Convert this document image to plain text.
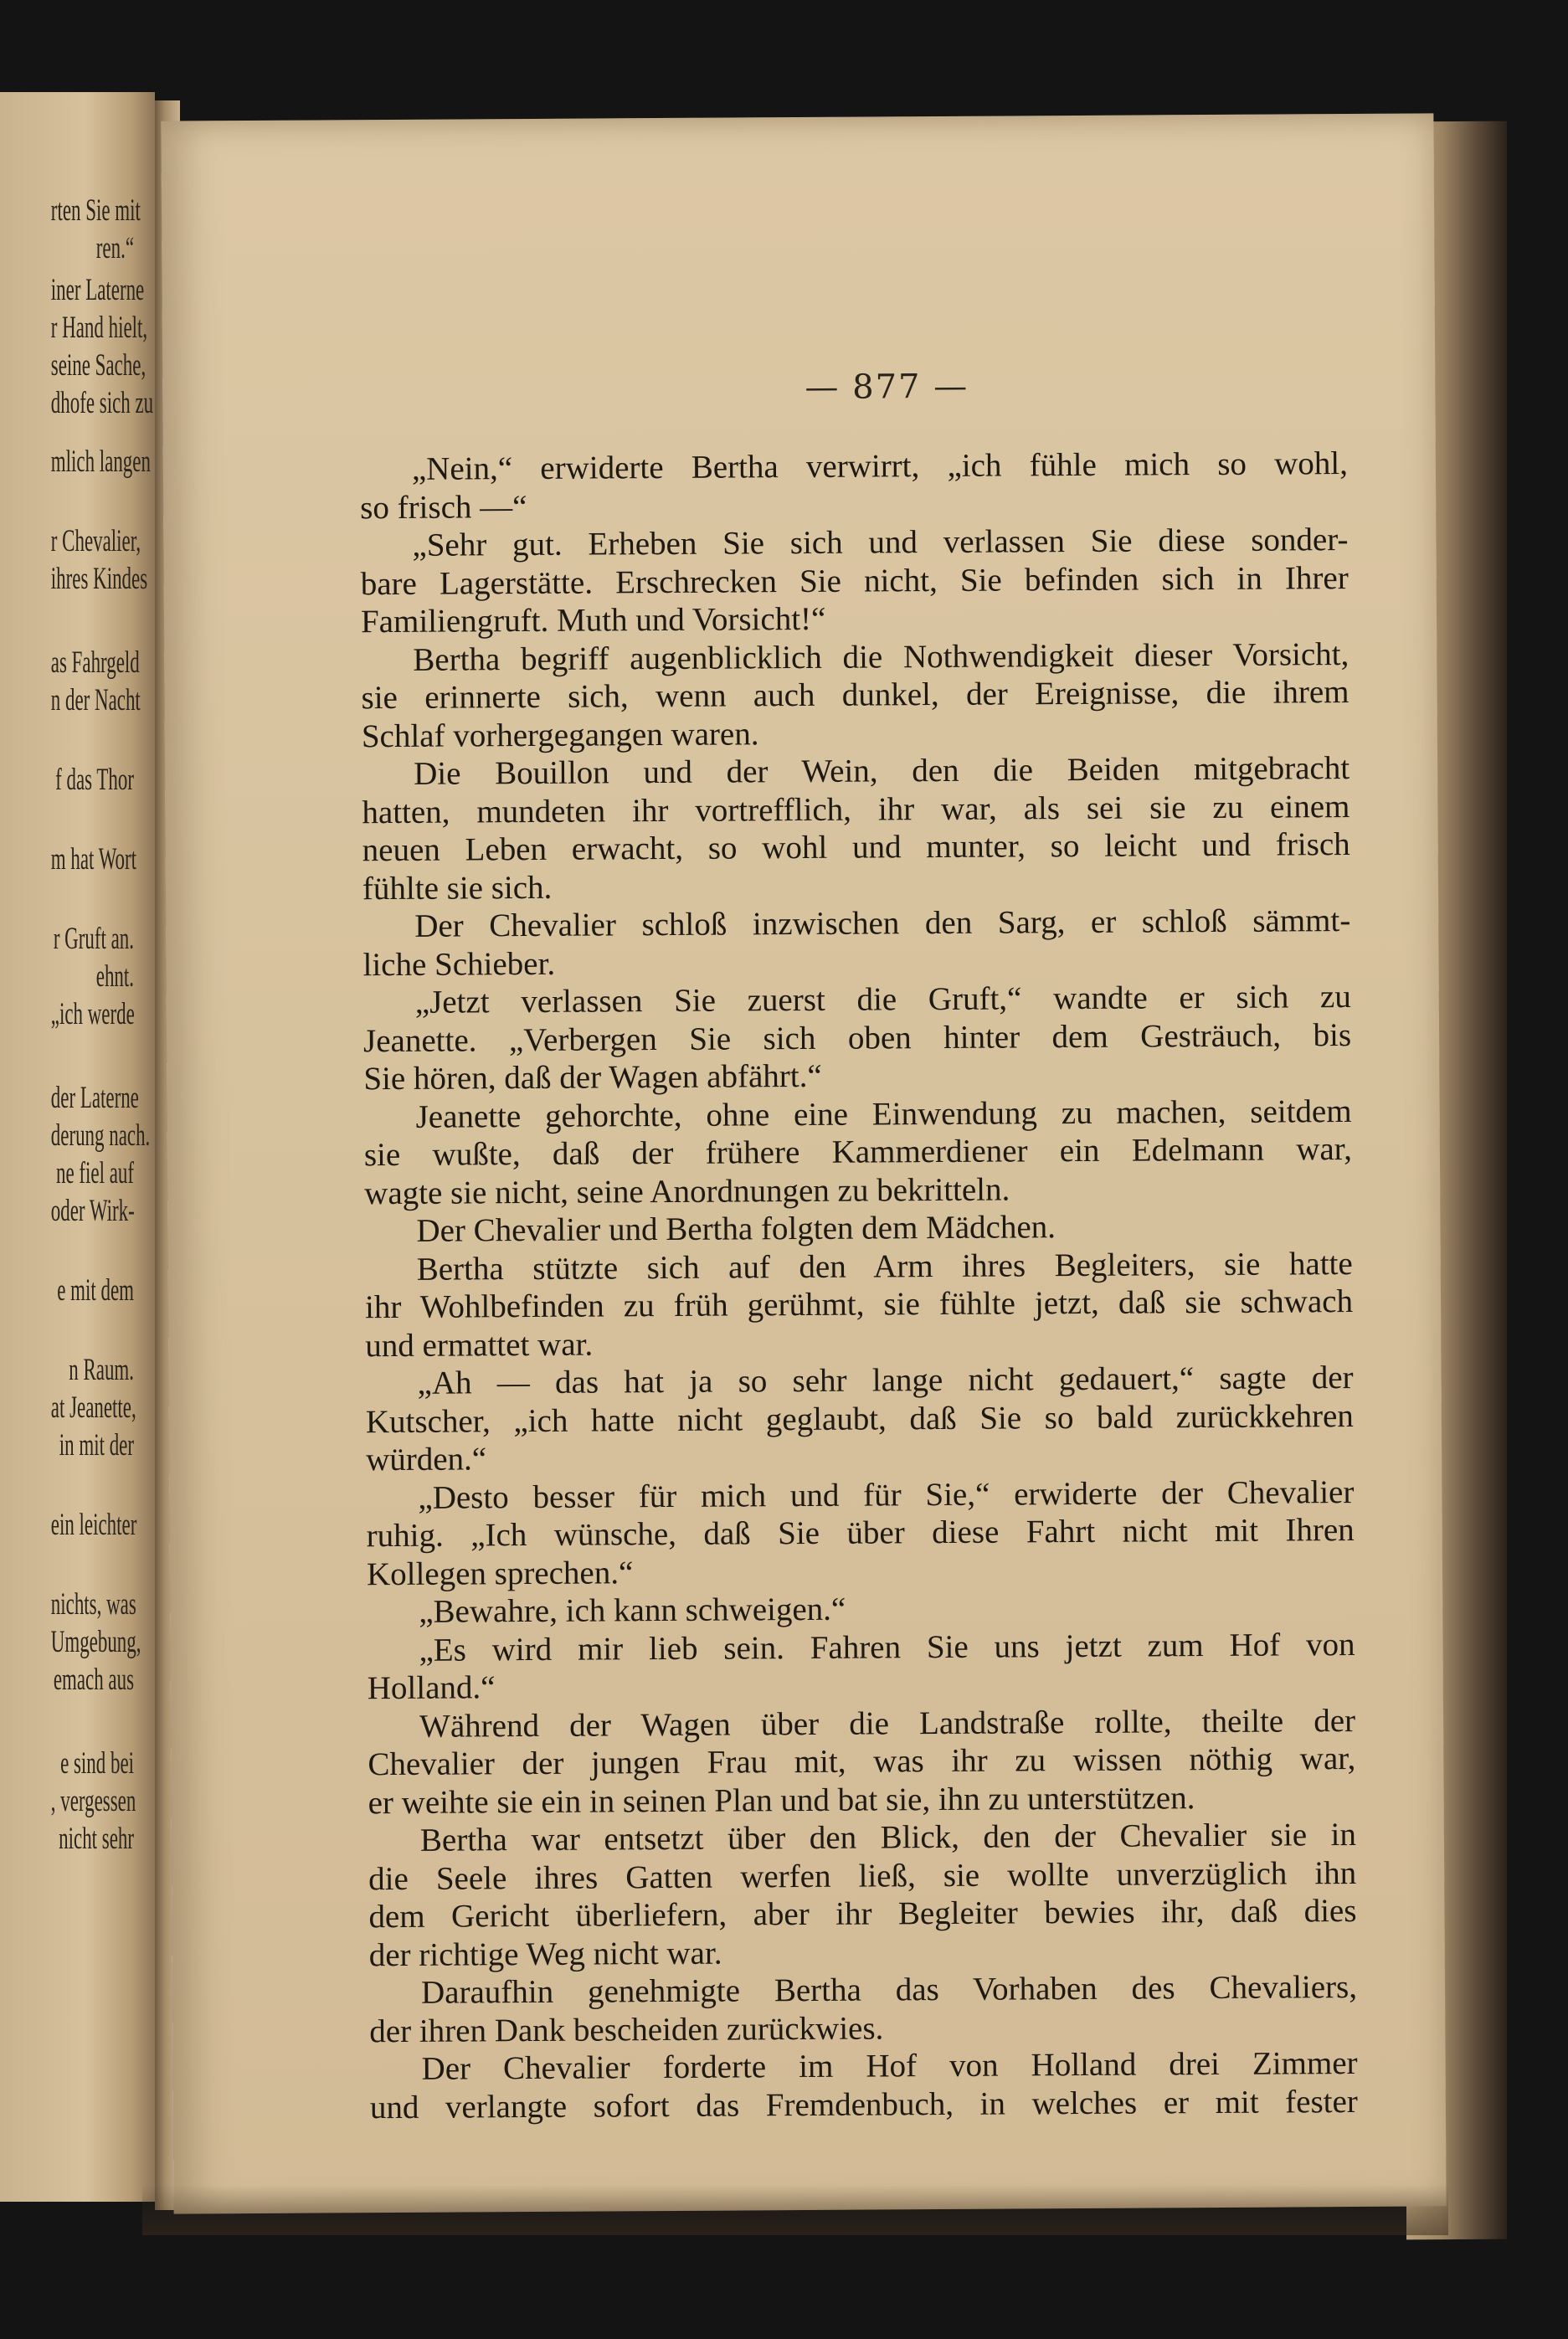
rten Sie mit

ren.“

iner Laterne

r Hand hielt,

seine Sache,

dhofe sich zu

mlich langen

r Chevalier,

ihres Kindes

as Fahrgeld

n der Nacht

f das Thor

m hat Wort

r Gruft an.

ehnt.

„ich werde

der Laterne

derung nach.

ne fiel auf

oder Wirk-

e mit dem

n Raum.

at Jeanette,

in mit der

ein leichter

nichts, was

Umgebung,

emach aus

e sind bei

, vergessen

nicht sehr

— 877 —

„Nein,“ erwiderte Bertha verwirrt, „ich fühle mich so wohl,

so frisch —“

„Sehr gut. Erheben Sie sich und verlassen Sie diese sonder-

bare Lagerstätte. Erschrecken Sie nicht, Sie befinden sich in Ihrer

Familiengruft. Muth und Vorsicht!“

Bertha begriff augenblicklich die Nothwendigkeit dieser Vorsicht,

sie erinnerte sich, wenn auch dunkel, der Ereignisse, die ihrem

Schlaf vorhergegangen waren.

Die Bouillon und der Wein, den die Beiden mitgebracht

hatten, mundeten ihr vortrefflich, ihr war, als sei sie zu einem

neuen Leben erwacht, so wohl und munter, so leicht und frisch

fühlte sie sich.

Der Chevalier schloß inzwischen den Sarg, er schloß sämmt-

liche Schieber.

„Jetzt verlassen Sie zuerst die Gruft,“ wandte er sich zu

Jeanette. „Verbergen Sie sich oben hinter dem Gesträuch, bis

Sie hören, daß der Wagen abfährt.“

Jeanette gehorchte, ohne eine Einwendung zu machen, seitdem

sie wußte, daß der frühere Kammerdiener ein Edelmann war,

wagte sie nicht, seine Anordnungen zu bekritteln.

Der Chevalier und Bertha folgten dem Mädchen.

Bertha stützte sich auf den Arm ihres Begleiters, sie hatte

ihr Wohlbefinden zu früh gerühmt, sie fühlte jetzt, daß sie schwach

und ermattet war.

„Ah — das hat ja so sehr lange nicht gedauert,“ sagte der

Kutscher, „ich hatte nicht geglaubt, daß Sie so bald zurückkehren

würden.“

„Desto besser für mich und für Sie,“ erwiderte der Chevalier

ruhig. „Ich wünsche, daß Sie über diese Fahrt nicht mit Ihren

Kollegen sprechen.“

„Bewahre, ich kann schweigen.“

„Es wird mir lieb sein. Fahren Sie uns jetzt zum Hof von

Holland.“

Während der Wagen über die Landstraße rollte, theilte der

Chevalier der jungen Frau mit, was ihr zu wissen nöthig war,

er weihte sie ein in seinen Plan und bat sie, ihn zu unterstützen.

Bertha war entsetzt über den Blick, den der Chevalier sie in

die Seele ihres Gatten werfen ließ, sie wollte unverzüglich ihn

dem Gericht überliefern, aber ihr Begleiter bewies ihr, daß dies

der richtige Weg nicht war.

Daraufhin genehmigte Bertha das Vorhaben des Chevaliers,

der ihren Dank bescheiden zurückwies.

Der Chevalier forderte im Hof von Holland drei Zimmer

und verlangte sofort das Fremdenbuch, in welches er mit fester
